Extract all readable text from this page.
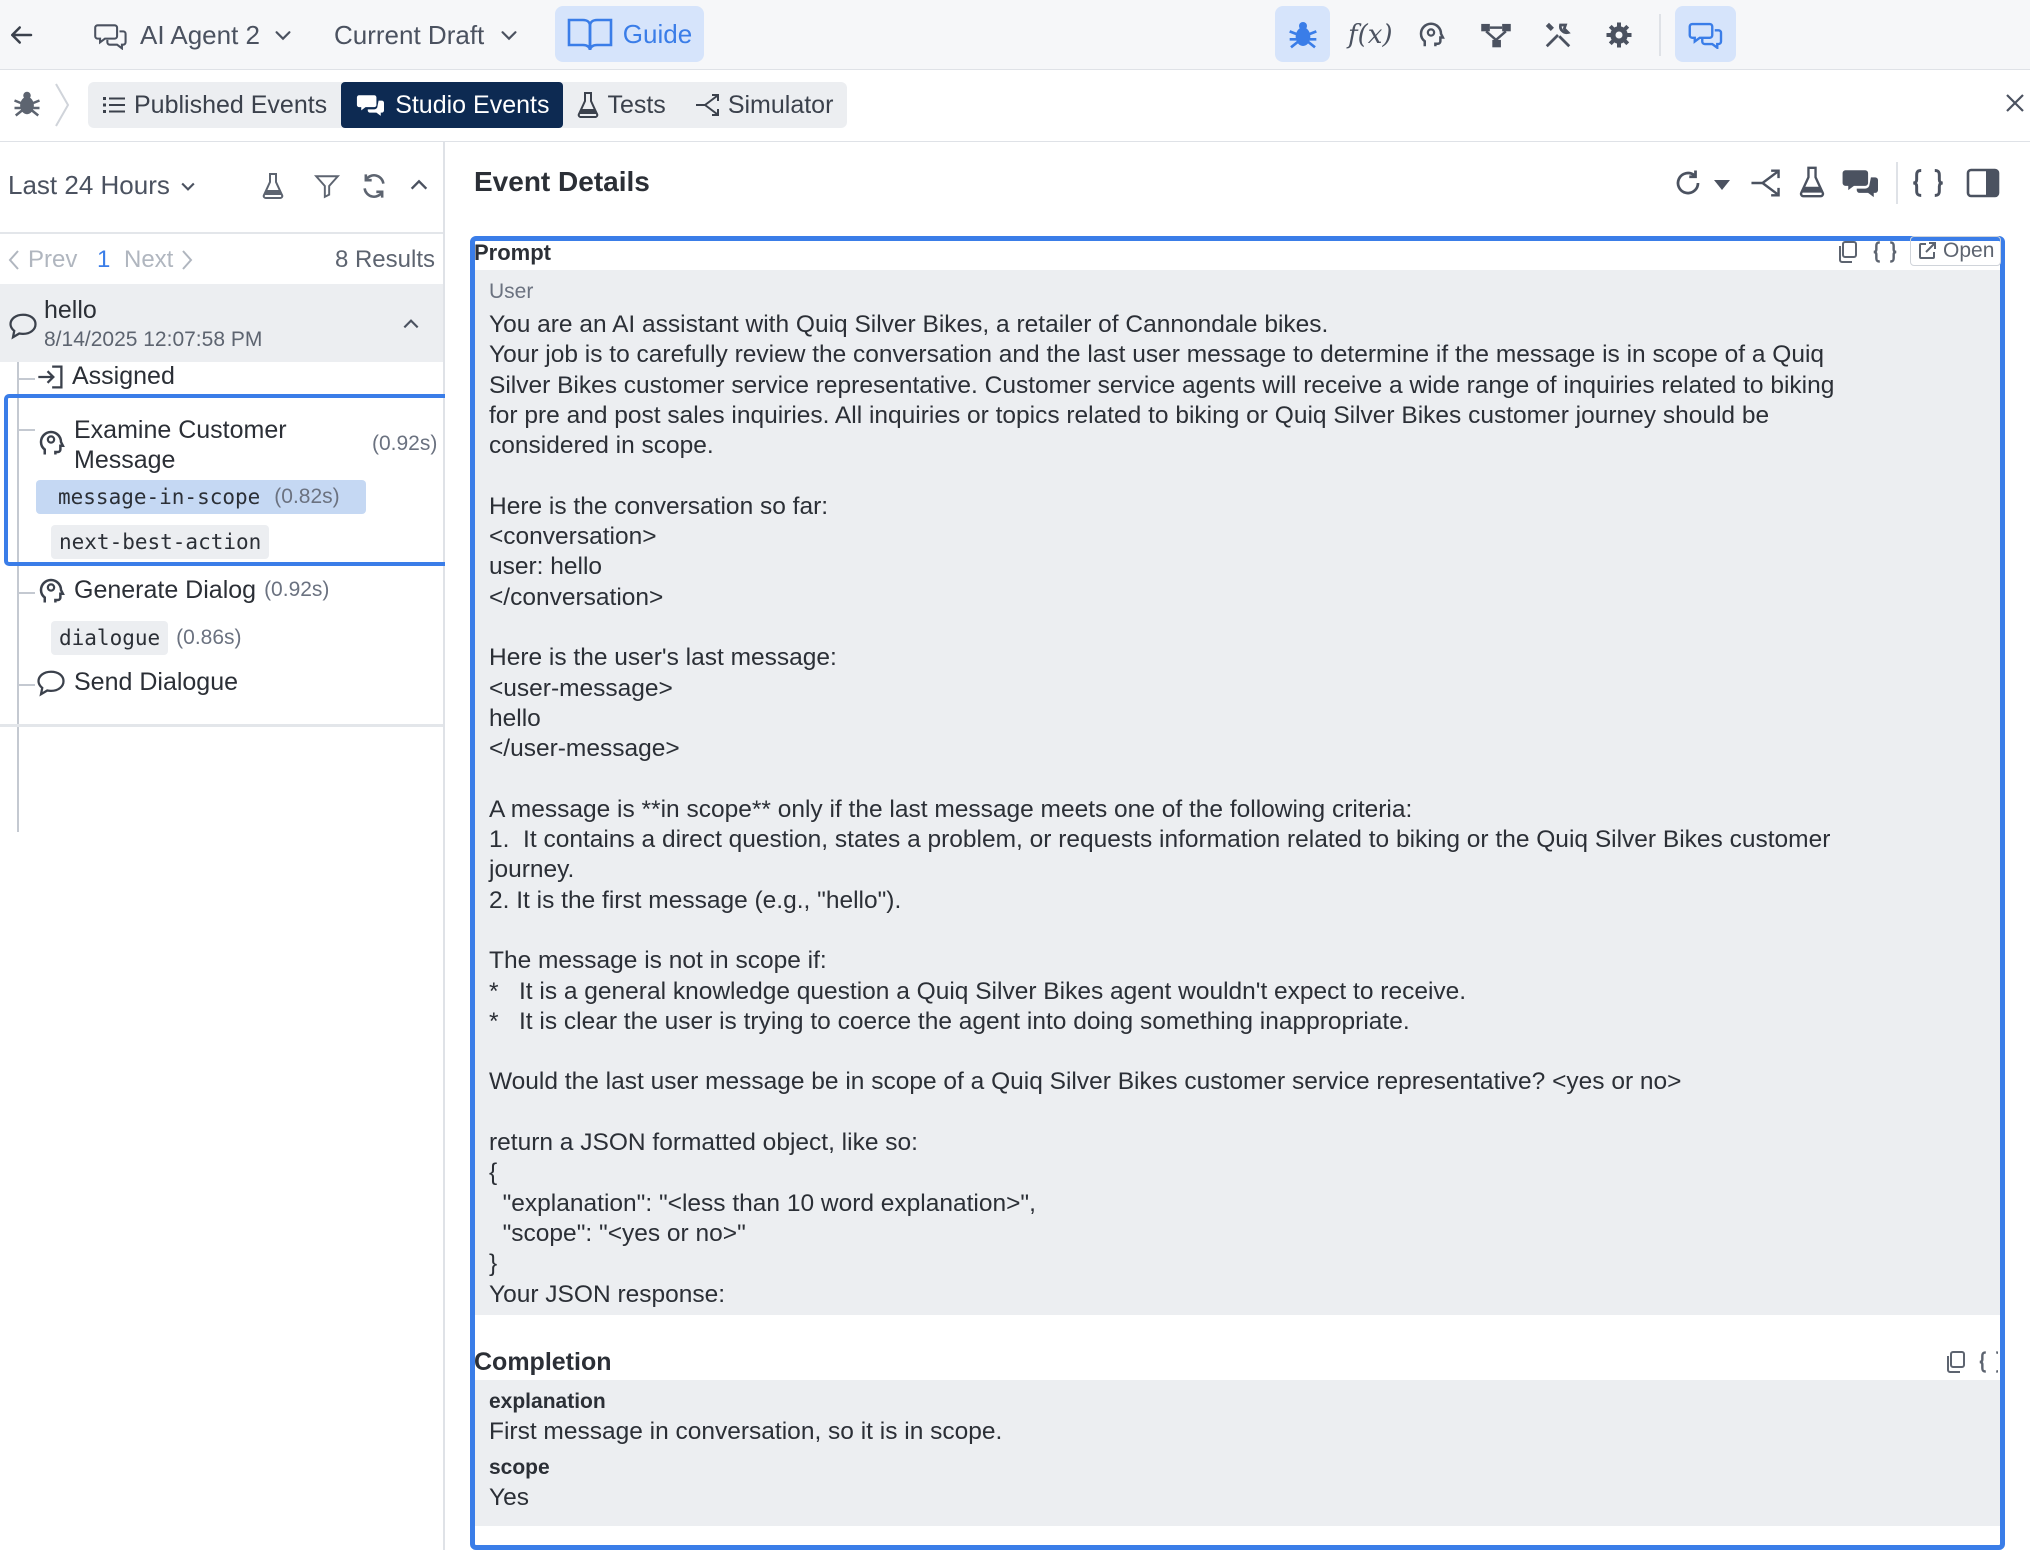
AI Agent 2	Current Draft	Guide	f(x)
Published Events	Studio Events Tests Simulator
Last 24 Hours
Prev 1 Next	8 Results
hello
8/14/2025 12:07:58 PM
Assigned
Examine Customer
Message
(0.92s)
message-in-scope (0.82s)
next-best-action
Generate Dialog (0.92s)
dialogue (0.86s)
Send Dialogue
Event Details
Prompt	Open
User
You are an AI assistant with Quiq Silver Bikes, a retailer of Cannondale bikes.
Your job is to carefully review the conversation and the last user message to determine if the message is in scope of a Quiq
Silver Bikes customer service representative. Customer service agents will receive a wide range of inquiries related to biking
for pre and post sales inquiries. All inquiries or topics related to biking or Quiq Silver Bikes customer journey should be
considered in scope.
Here is the conversation so far:
<conversation>
user: hello
</conversation>
Here is the user's last message:
<user-message>
hello
</user-message>
A message is **in scope** only if the last message meets one of the following criteria:
1.  It contains a direct question, states a problem, or requests information related to biking or the Quiq Silver Bikes customer
journey.
2. It is the first message (e.g., "hello").
The message is not in scope if:
*   It is a general knowledge question a Quiq Silver Bikes agent wouldn't expect to receive.
*   It is clear the user is trying to coerce the agent into doing something inappropriate.
Would the last user message be in scope of a Quiq Silver Bikes customer service representative? <yes or no>
return a JSON formatted object, like so:
{
"explanation": "<less than 10 word explanation>",
"scope": "<yes or no>"
}
Your JSON response:
Completion
explanation
First message in conversation, so it is in scope.
scope
Yes
